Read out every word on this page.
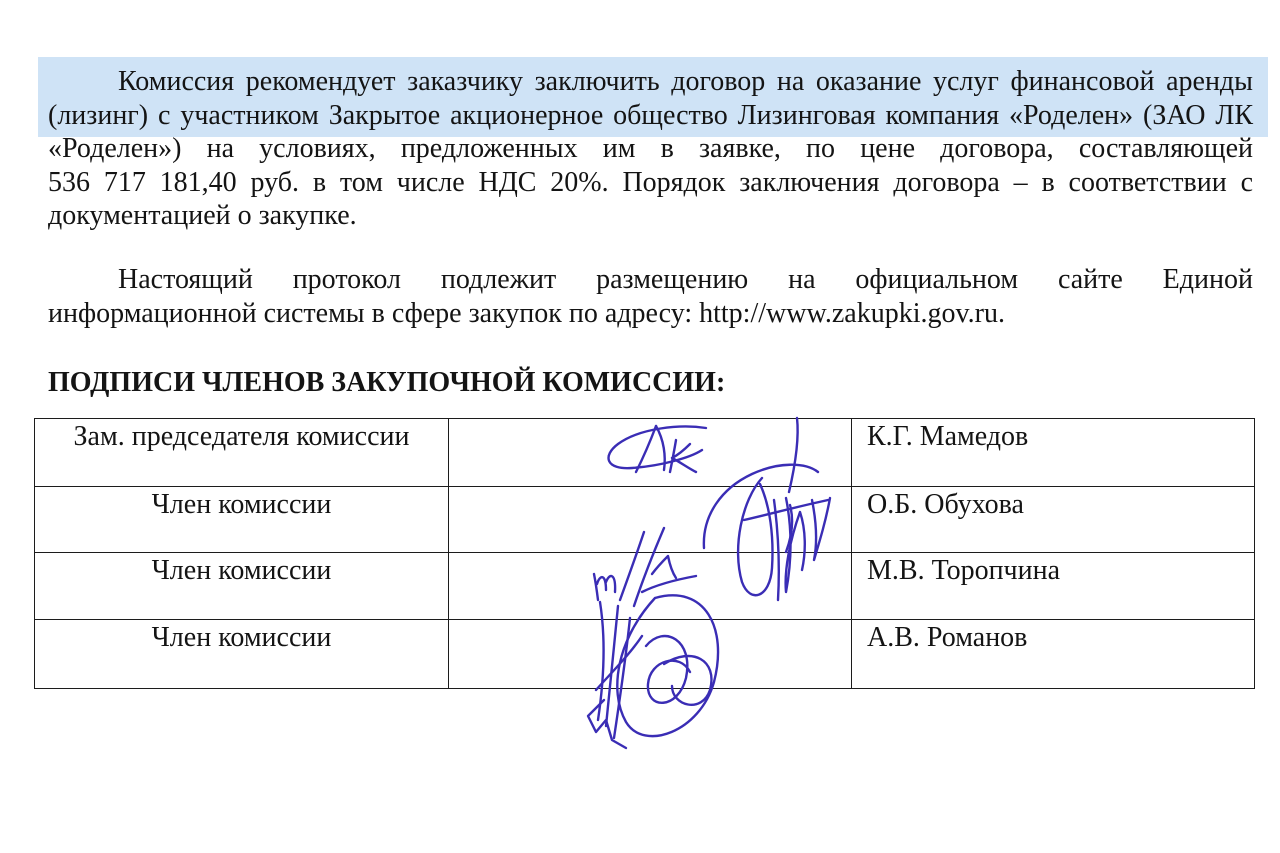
Комиссия рекомендует заказчику заключить договор на оказание услуг финансовой аренды
(лизинг) с участником Закрытое акционерное общество Лизинговая компания «Роделен» (ЗАО ЛК
«Роделен») на условиях, предложенных им в заявке, по цене договора, составляющей
536 717 181,40 руб. в том числе НДС 20%. Порядок заключения договора – в соответствии с
документацией о закупке.
Настоящий протокол подлежит размещению на официальном сайте Единой
информационной системы в сфере закупок по адресу: http://www.zakupki.gov.ru.
ПОДПИСИ ЧЛЕНОВ ЗАКУПОЧНОЙ КОМИССИИ:
Зам. председателя комиссии		К.Г. Мамедов
Член комиссии		О.Б. Обухова
Член комиссии		М.В. Торопчина
Член комиссии		А.В. Романов
